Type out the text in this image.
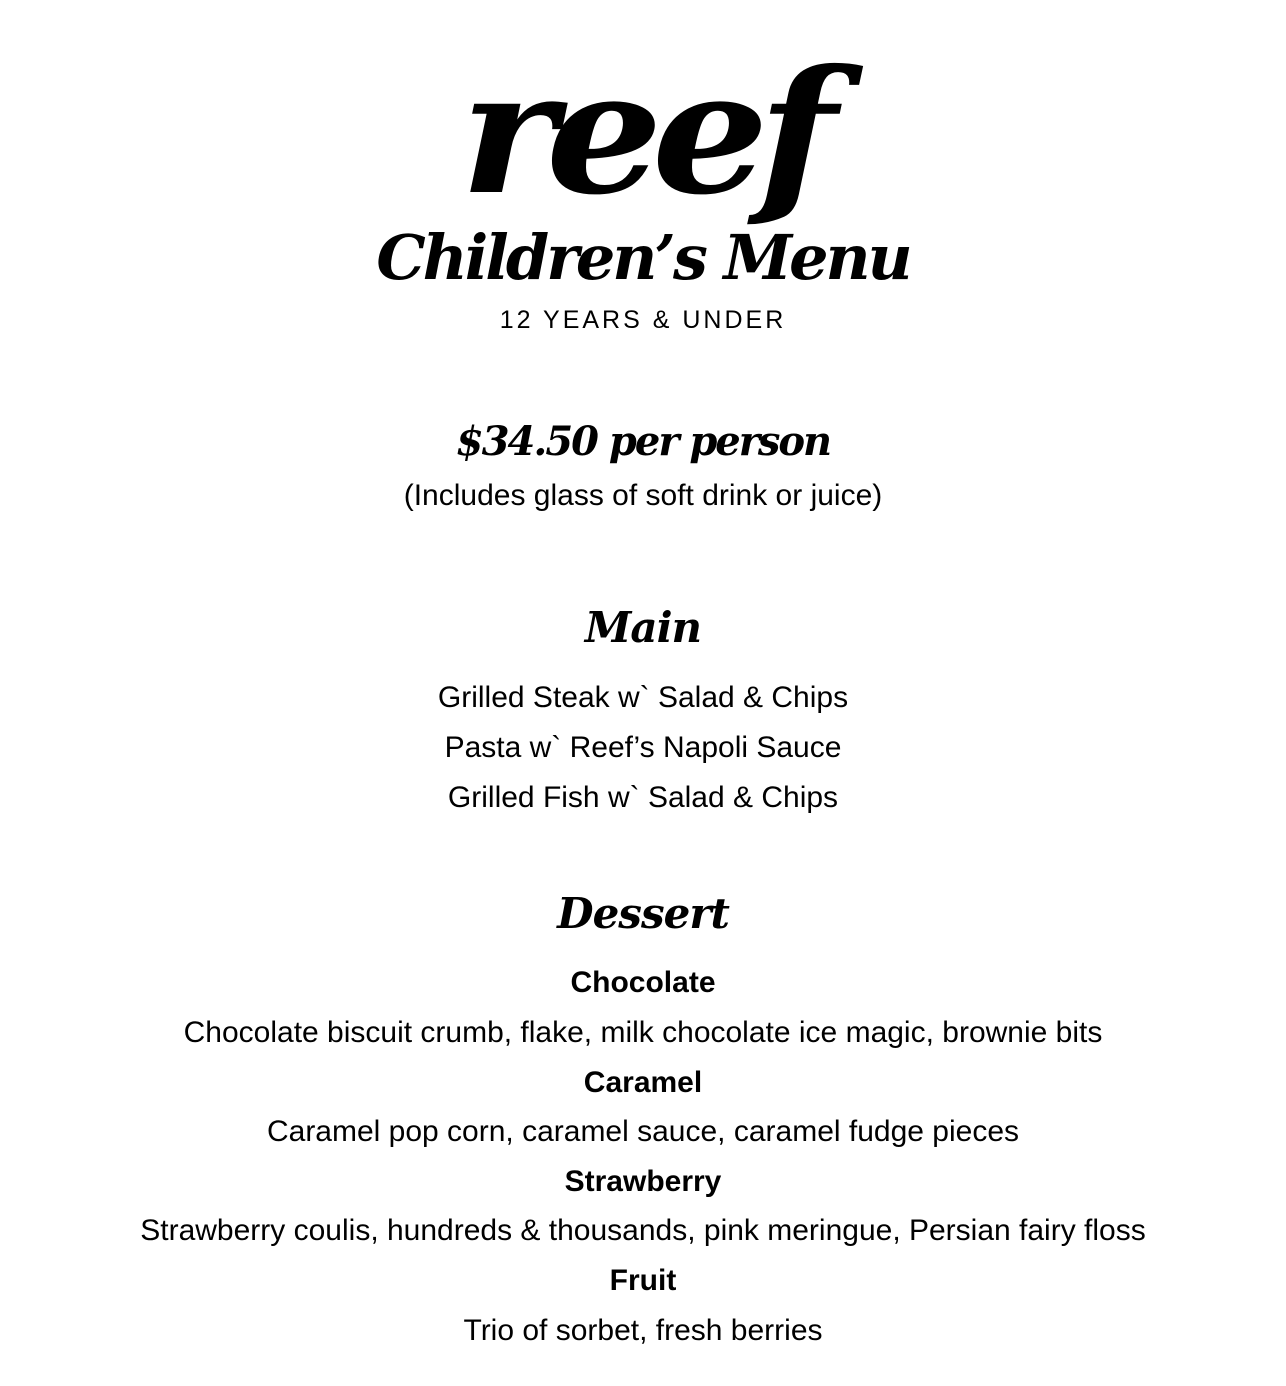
reef
Children’s Menu
12 YEARS & UNDER
$34.50 per person
(Includes glass of soft drink or juice)
Main
Grilled Steak w` Salad & Chips
Pasta w` Reef’s Napoli Sauce
Grilled Fish w` Salad & Chips
Dessert
Chocolate
Chocolate biscuit crumb, flake, milk chocolate ice magic, brownie bits
Caramel
Caramel pop corn, caramel sauce, caramel fudge pieces
Strawberry
Strawberry coulis, hundreds & thousands, pink meringue, Persian fairy floss
Fruit
Trio of sorbet, fresh berries
